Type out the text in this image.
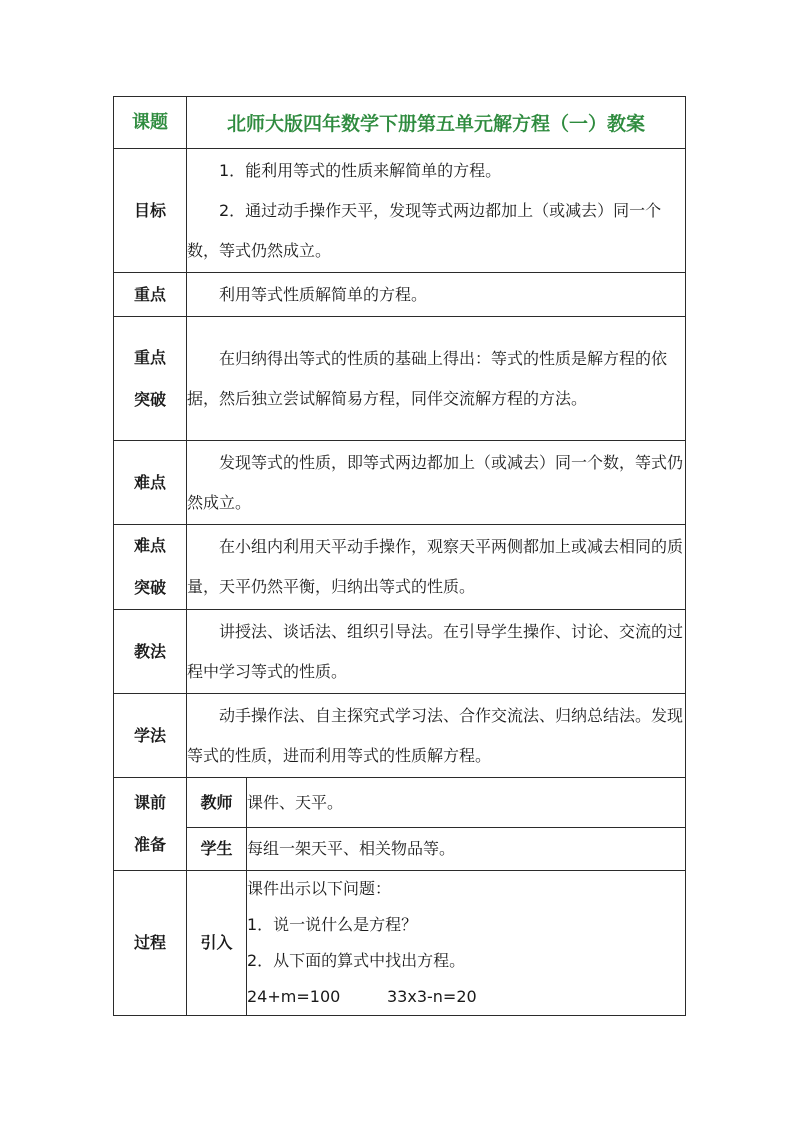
课题	北师大版四年数学下册第五单元解方程（一）教案	
目标	1．能利用等式的性质来解简单的方程。

2．通过动手操作天平，发现等式两边都加上（或减去）同一个数，等式仍然成立。	

重点	利用等式性质解简单的方程。	

重点
突破	在归纳得出等式的性质的基础上得出：等式的性质是解方程的依据，然后独立尝试解简易方程，同伴交流解方程的方法。	

难点	发现等式的性质，即等式两边都加上（或减去）同一个数，等式仍然成立。	

难点
突破	在小组内利用天平动手操作，观察天平两侧都加上或减去相同的质量，天平仍然平衡，归纳出等式的性质。	

教法	讲授法、谈话法、组织引导法。在引导学生操作、讨论、交流的过程中学习等式的性质。	

学法	动手操作法、自主探究式学习法、合作交流法、归纳总结法。发现等式的性质，进而利用等式的性质解方程。	

课前
准备	教师	课件、天平。

	学生	每组一架天平、相关物品等。

过程	引入	课件出示以下问题：

1．说一说什么是方程？

2．从下面的算式中找出方程。

24+m=100 33x3-n=20
